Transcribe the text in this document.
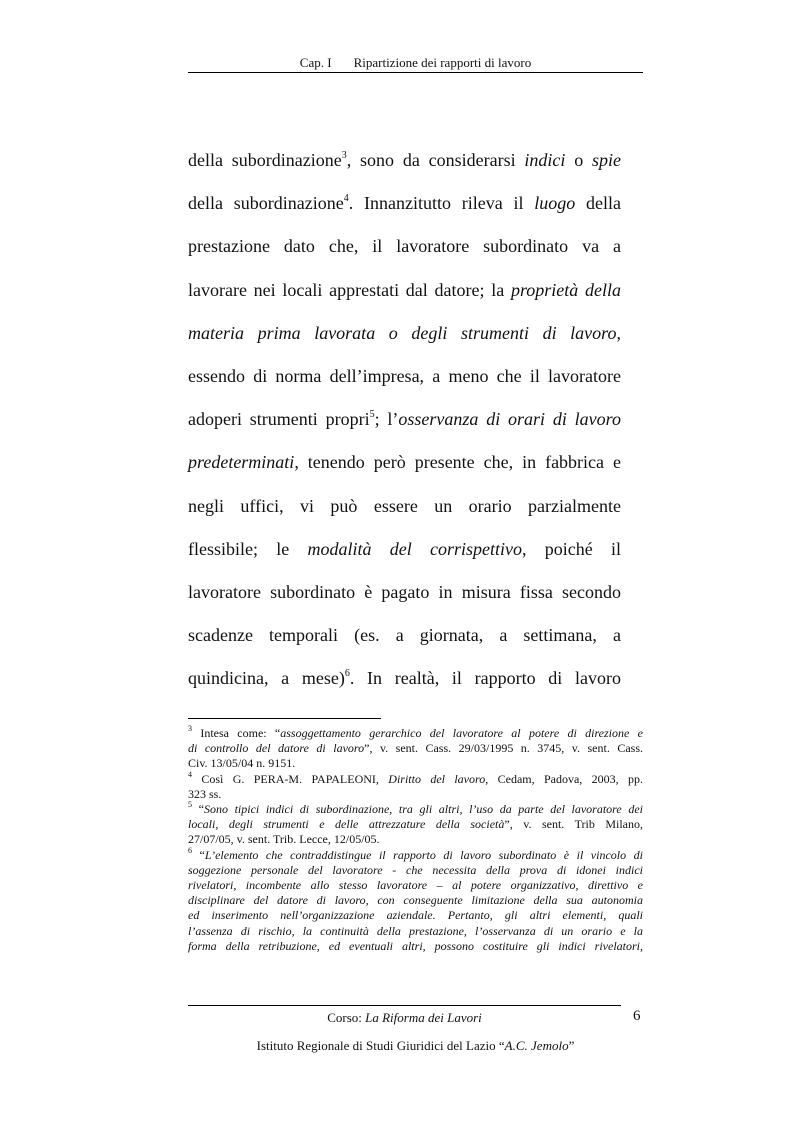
Cap. I Ripartizione dei rapporti di lavoro
della subordinazione$^3$, sono da considerarsi indici o spie
della subordinazione$^4$. Innanzitutto rileva il luogo della
prestazione dato che, il lavoratore subordinato va a
lavorare nei locali apprestati dal datore; la proprietà della
materia prima lavorata o degli strumenti di lavoro,
essendo di norma dell’impresa, a meno che il lavoratore
adoperi strumenti propri$^5$; l’osservanza di orari di lavoro
predeterminati, tenendo però presente che, in fabbrica e
negli uffici, vi può essere un orario parzialmente
flessibile; le modalità del corrispettivo, poiché il
lavoratore subordinato è pagato in misura fissa secondo
scadenze temporali (es. a giornata, a settimana, a
quindicina, a mese)$^6$. In realtà, il rapporto di lavoro
$^3$ Intesa come: “assoggettamento gerarchico del lavoratore al potere di direzione e
di controllo del datore di lavoro”, v. sent. Cass. 29/03/1995 n. 3745, v. sent. Cass.
Civ. 13/05/04 n. 9151.
$^4$ Così G. PERA-M. PAPALEONI, Diritto del lavoro, Cedam, Padova, 2003, pp.
323 ss.
$^5$ “Sono tipici indici di subordinazione, tra gli altri, l’uso da parte del lavoratore dei
locali, degli strumenti e delle attrezzature della società”, v. sent. Trib Milano,
27/07/05, v. sent. Trib. Lecce, 12/05/05.
$^6$ “L’elemento che contraddistingue il rapporto di lavoro subordinato è il vincolo di
soggezione personale del lavoratore - che necessita della prova di idonei indici
rivelatori, incombente allo stesso lavoratore – al potere organizzativo, direttivo e
disciplinare del datore di lavoro, con conseguente limitazione della sua autonomia
ed inserimento nell’organizzazione aziendale. Pertanto, gli altri elementi, quali
l’assenza di rischio, la continuità della prestazione, l’osservanza di un orario e la
forma della retribuzione, ed eventuali altri, possono costituire gli indici rivelatori,
Corso: La Riforma dei Lavori	6
Istituto Regionale di Studi Giuridici del Lazio “A.C. Jemolo”
